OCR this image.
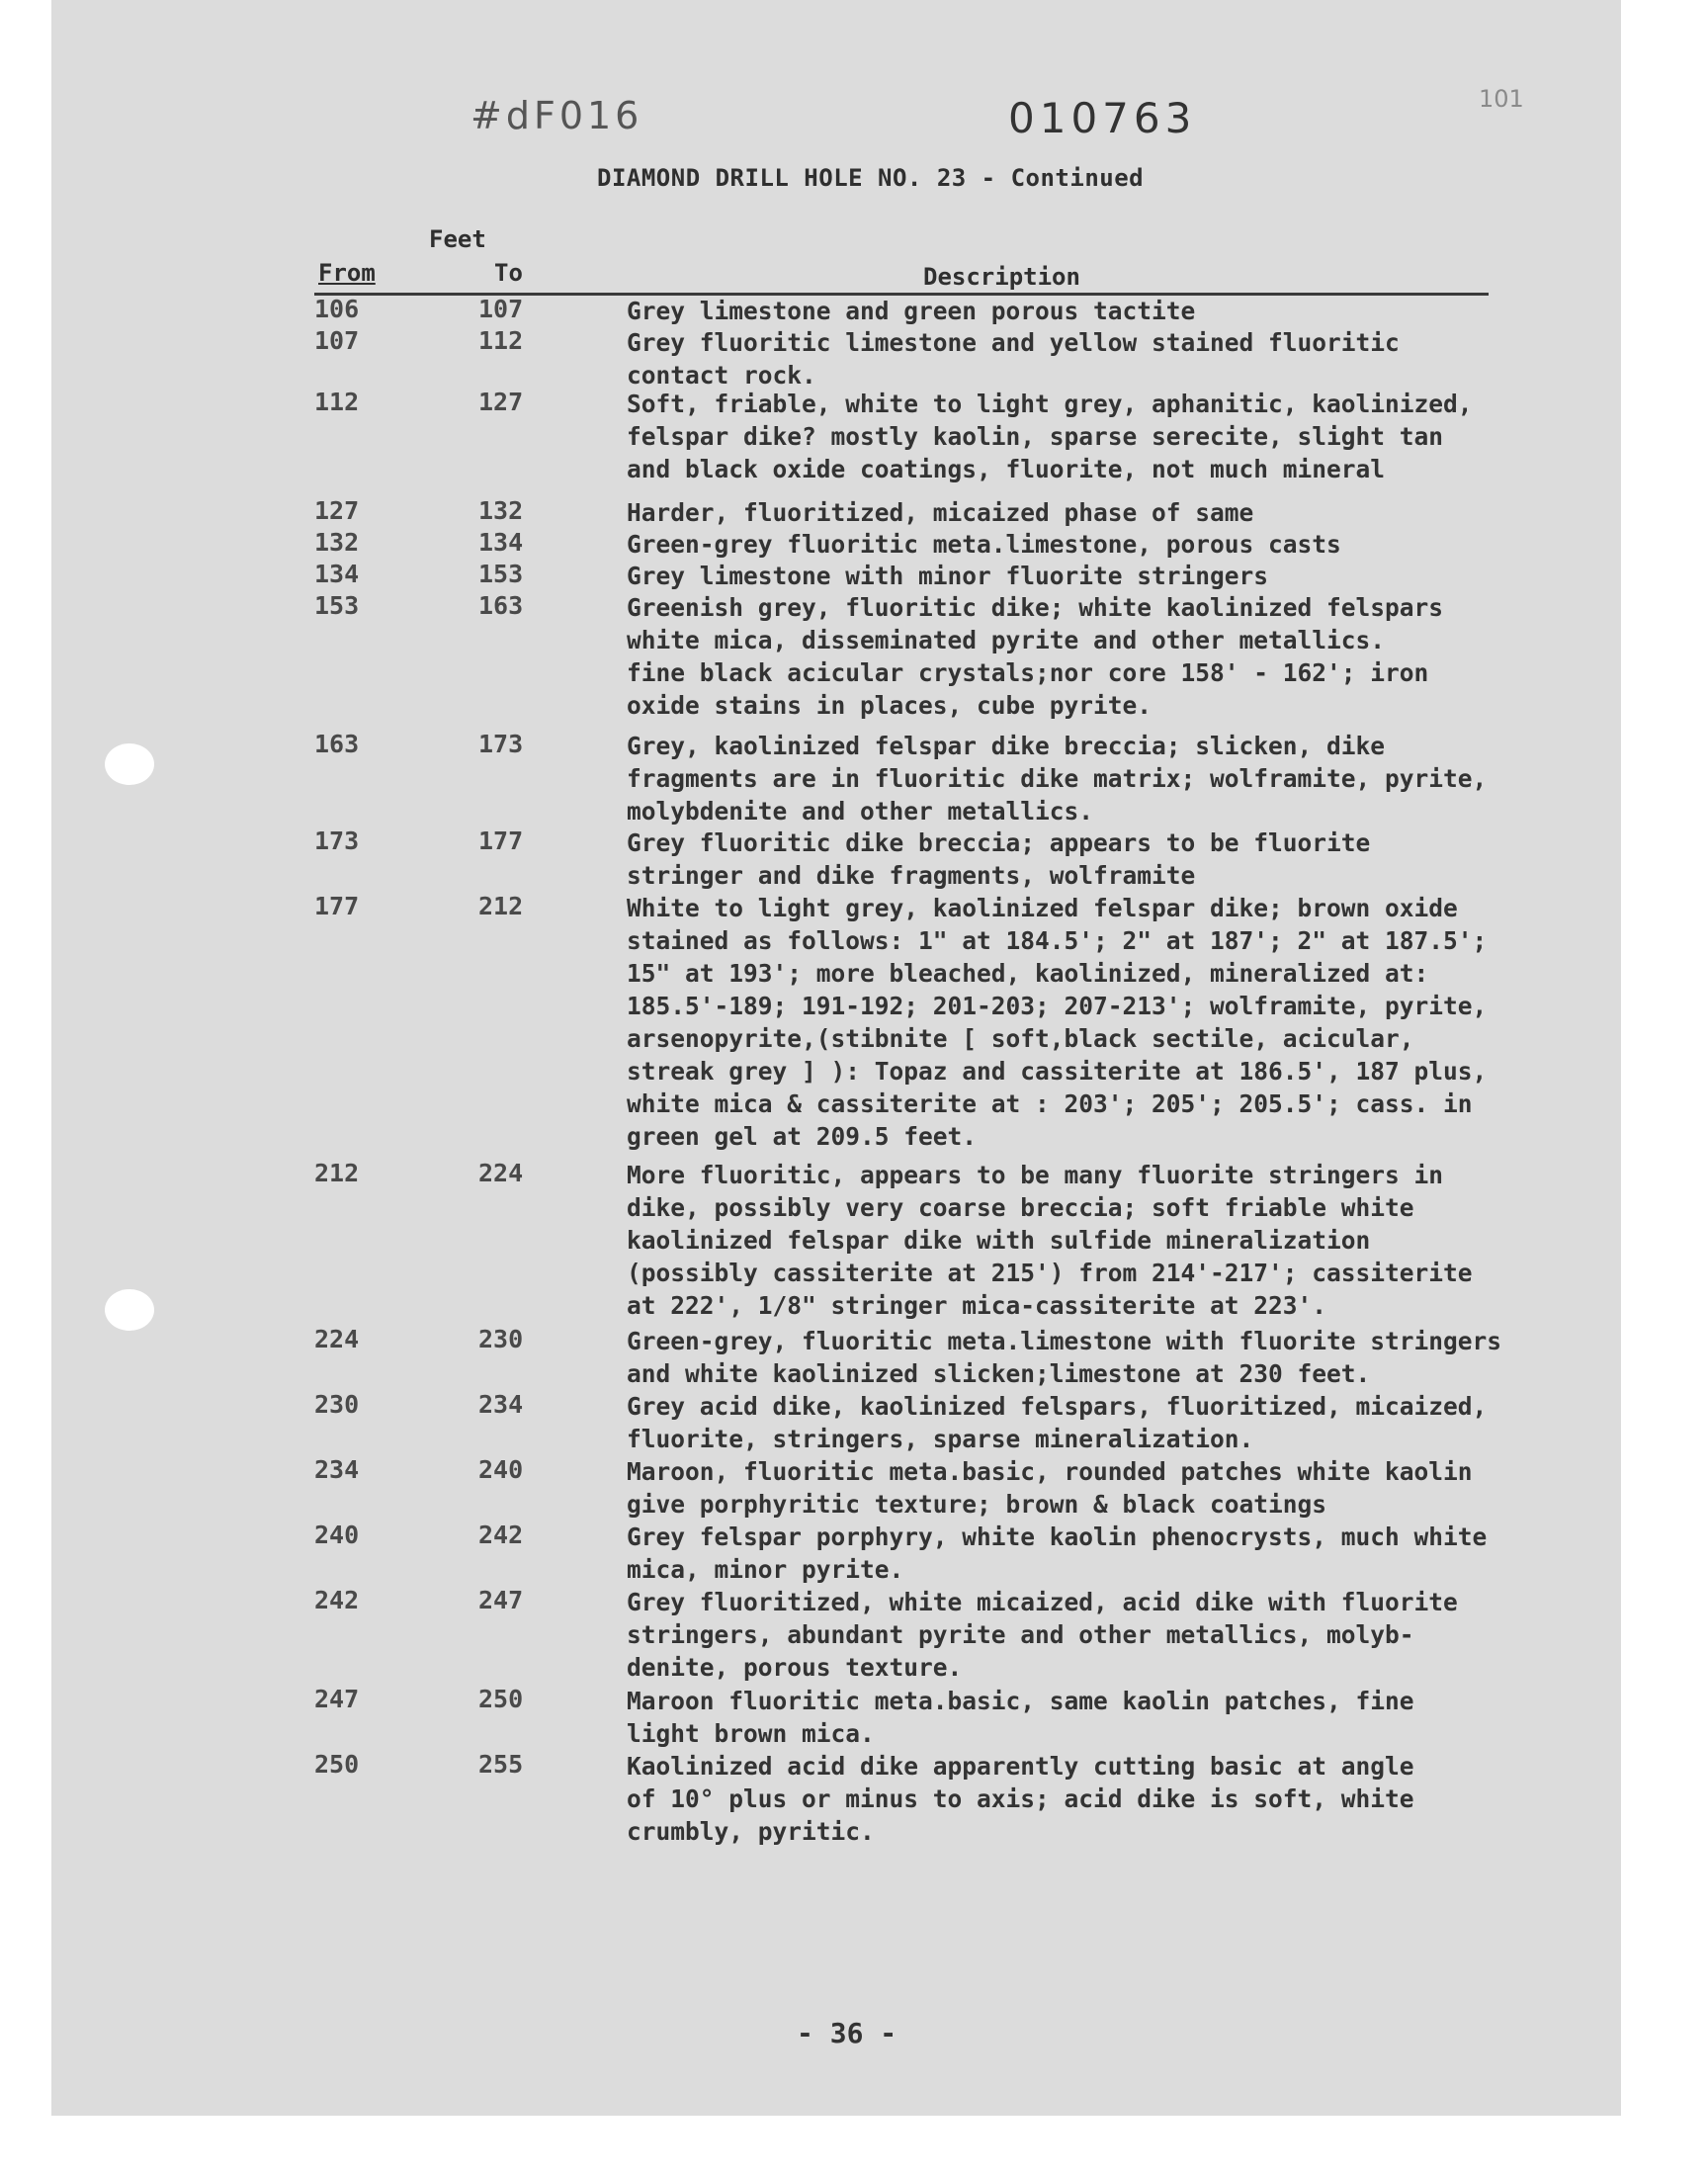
#dF016	010763	101
DIAMOND DRILL HOLE NO. 23 - Continued
Feet
From	To	Description
106	107	Grey limestone and green porous tactite
107	112	Grey fluoritic limestone and yellow stained fluoritic
contact rock.
112	127	Soft, friable, white to light grey, aphanitic, kaolinized,
felspar dike? mostly kaolin, sparse serecite, slight tan
and black oxide coatings, fluorite, not much mineral
127	132	Harder, fluoritized, micaized phase of same
132	134	Green-grey fluoritic meta.limestone, porous casts
134	153	Grey limestone with minor fluorite stringers
153	163	Greenish grey, fluoritic dike; white kaolinized felspars
white mica, disseminated pyrite and other metallics.
fine black acicular crystals;nor core 158' - 162'; iron
oxide stains in places, cube pyrite.
163	173	Grey, kaolinized felspar dike breccia; slicken, dike
fragments are in fluoritic dike matrix; wolframite, pyrite,
molybdenite and other metallics.
173	177	Grey fluoritic dike breccia; appears to be fluorite
stringer and dike fragments, wolframite
177	212	White to light grey, kaolinized felspar dike; brown oxide
stained as follows: 1" at 184.5'; 2" at 187'; 2" at 187.5';
15" at 193'; more bleached, kaolinized, mineralized at:
185.5'-189; 191-192; 201-203; 207-213'; wolframite, pyrite,
arsenopyrite,(stibnite [ soft,black sectile, acicular,
streak grey ] ): Topaz and cassiterite at 186.5', 187 plus,
white mica & cassiterite at : 203'; 205'; 205.5'; cass. in
green gel at 209.5 feet.
212	224	More fluoritic, appears to be many fluorite stringers in
dike, possibly very coarse breccia; soft friable white
kaolinized felspar dike with sulfide mineralization
(possibly cassiterite at 215') from 214'-217'; cassiterite
at 222', 1/8" stringer mica-cassiterite at 223'.
224	230	Green-grey, fluoritic meta.limestone with fluorite stringers
and white kaolinized slicken;limestone at 230 feet.
230	234	Grey acid dike, kaolinized felspars, fluoritized, micaized,
fluorite, stringers, sparse mineralization.
234	240	Maroon, fluoritic meta.basic, rounded patches white kaolin
give porphyritic texture; brown & black coatings
240	242	Grey felspar porphyry, white kaolin phenocrysts, much white
mica, minor pyrite.
242	247	Grey fluoritized, white micaized, acid dike with fluorite
stringers, abundant pyrite and other metallics, molyb-
denite, porous texture.
247	250	Maroon fluoritic meta.basic, same kaolin patches, fine
light brown mica.
250	255	Kaolinized acid dike apparently cutting basic at angle
of 10° plus or minus to axis; acid dike is soft, white
crumbly, pyritic.
- 36 -
